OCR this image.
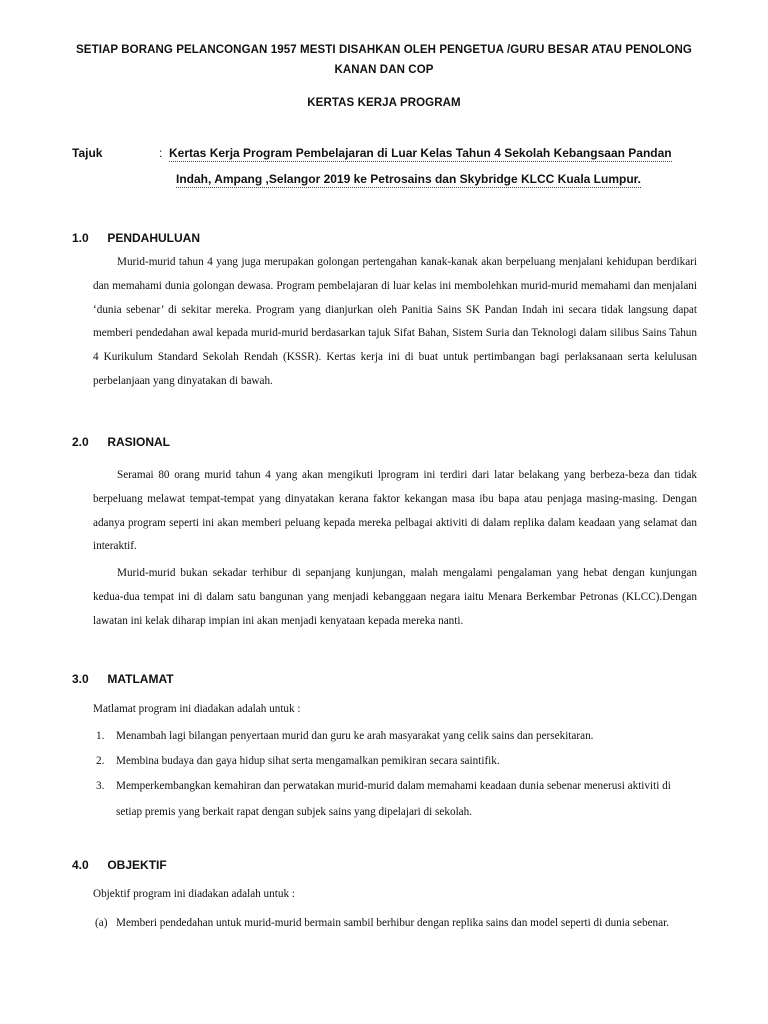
SETIAP BORANG PELANCONGAN 1957 MESTI DISAHKAN OLEH PENGETUA /GURU BESAR ATAU PENOLONG
KANAN DAN COP
KERTAS KERJA PROGRAM
Tajuk	: Kertas Kerja Program Pembelajaran di Luar Kelas Tahun 4 Sekolah Kebangsaan Pandan
Indah, Ampang ,Selangor 2019 ke Petrosains dan Skybridge KLCC Kuala Lumpur.
1.0 PENDAHULUAN

Murid-murid tahun 4 yang juga merupakan golongan pertengahan kanak-kanak akan berpeluang menjalani kehidupan berdikari dan memahami dunia golongan dewasa. Program pembelajaran di luar kelas ini membolehkan murid-murid memahami dan menjalani ‘dunia sebenar’ di sekitar mereka. Program yang dianjurkan oleh Panitia Sains SK Pandan Indah ini secara tidak langsung dapat memberi pendedahan awal kepada murid-murid berdasarkan tajuk Sifat Bahan, Sistem Suria dan Teknologi dalam silibus Sains Tahun 4 Kurikulum Standard Sekolah Rendah (KSSR). Kertas kerja ini di buat untuk pertimbangan bagi perlaksanaan serta kelulusan perbelanjaan yang dinyatakan di bawah.

2.0 RASIONAL

Seramai 80 orang murid tahun 4 yang akan mengikuti lprogram ini terdiri dari latar belakang yang berbeza-beza dan tidak berpeluang melawat tempat-tempat yang dinyatakan kerana faktor kekangan masa ibu bapa atau penjaga masing-masing. Dengan adanya program seperti ini akan memberi peluang kepada mereka pelbagai aktiviti di dalam replika dalam keadaan yang selamat dan interaktif.

Murid-murid bukan sekadar terhibur di sepanjang kunjungan, malah mengalami pengalaman yang hebat dengan kunjungan kedua-dua tempat ini di dalam satu bangunan yang menjadi kebanggaan negara iaitu Menara Berkembar Petronas (KLCC).Dengan lawatan ini kelak diharap impian ini akan menjadi kenyataan kepada mereka nanti.

3.0 MATLAMAT
Matlamat program ini diadakan adalah untuk :
1. Menambah lagi bilangan penyertaan murid dan guru ke arah masyarakat yang celik sains dan persekitaran.
2. Membina budaya dan gaya hidup sihat serta mengamalkan pemikiran secara saintifik.
3. Memperkembangkan kemahiran dan perwatakan murid-murid dalam memahami keadaan dunia sebenar menerusi aktiviti di setiap premis yang berkait rapat dengan subjek sains yang dipelajari di sekolah.
4.0 OBJEKTIF
Objektif program ini diadakan adalah untuk :
(a) Memberi pendedahan untuk murid-murid bermain sambil berhibur dengan replika sains dan model seperti di dunia sebenar.
